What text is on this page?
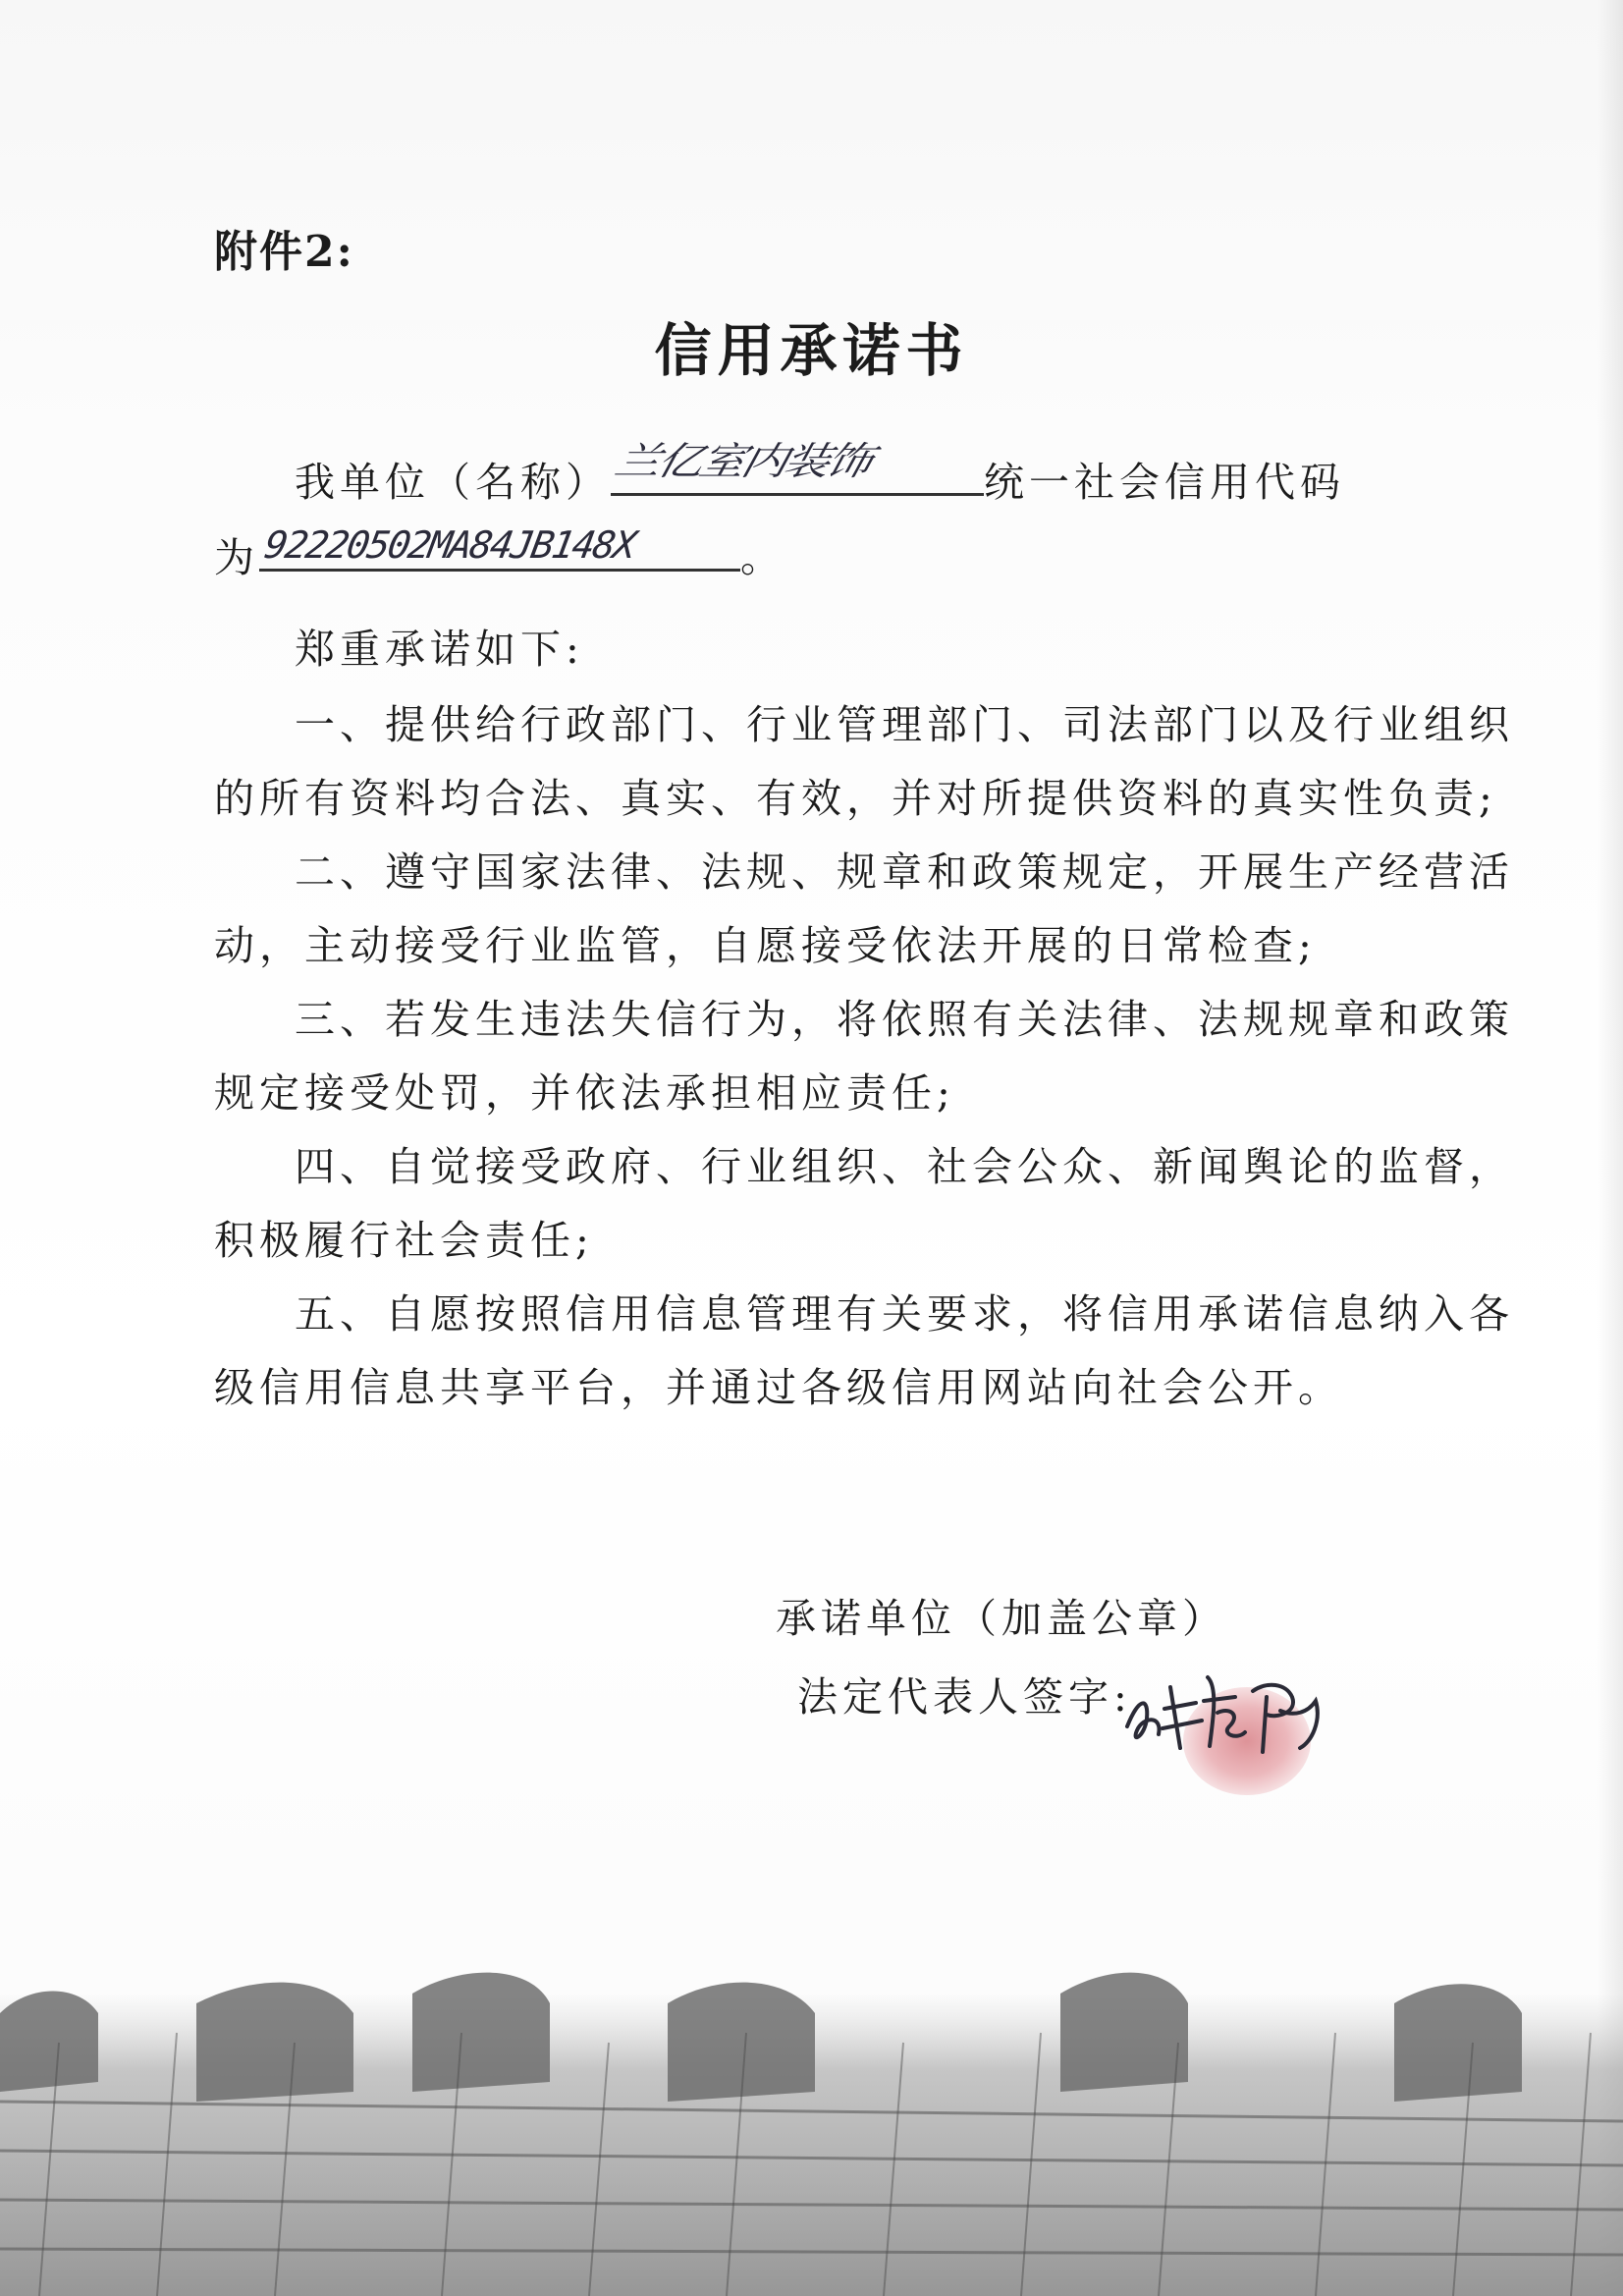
附件2:
信用承诺书
我单位（名称） 兰亿室内装饰	统一社会信用代码
为 92220502MA84JB148X	。
郑重承诺如下:
一、提供给行政部门、行业管理部门、司法部门以及行业组织
的所有资料均合法、真实、有效，并对所提供资料的真实性负责;
二、遵守国家法律、法规、规章和政策规定，开展生产经营活
动，主动接受行业监管，自愿接受依法开展的日常检查;
三、若发生违法失信行为，将依照有关法律、法规规章和政策
规定接受处罚，并依法承担相应责任;
四、自觉接受政府、行业组织、社会公众、新闻舆论的监督，
积极履行社会责任;
五、自愿按照信用信息管理有关要求，将信用承诺信息纳入各
级信用信息共享平台，并通过各级信用网站向社会公开。
承诺单位（加盖公章）
法定代表人签字:
